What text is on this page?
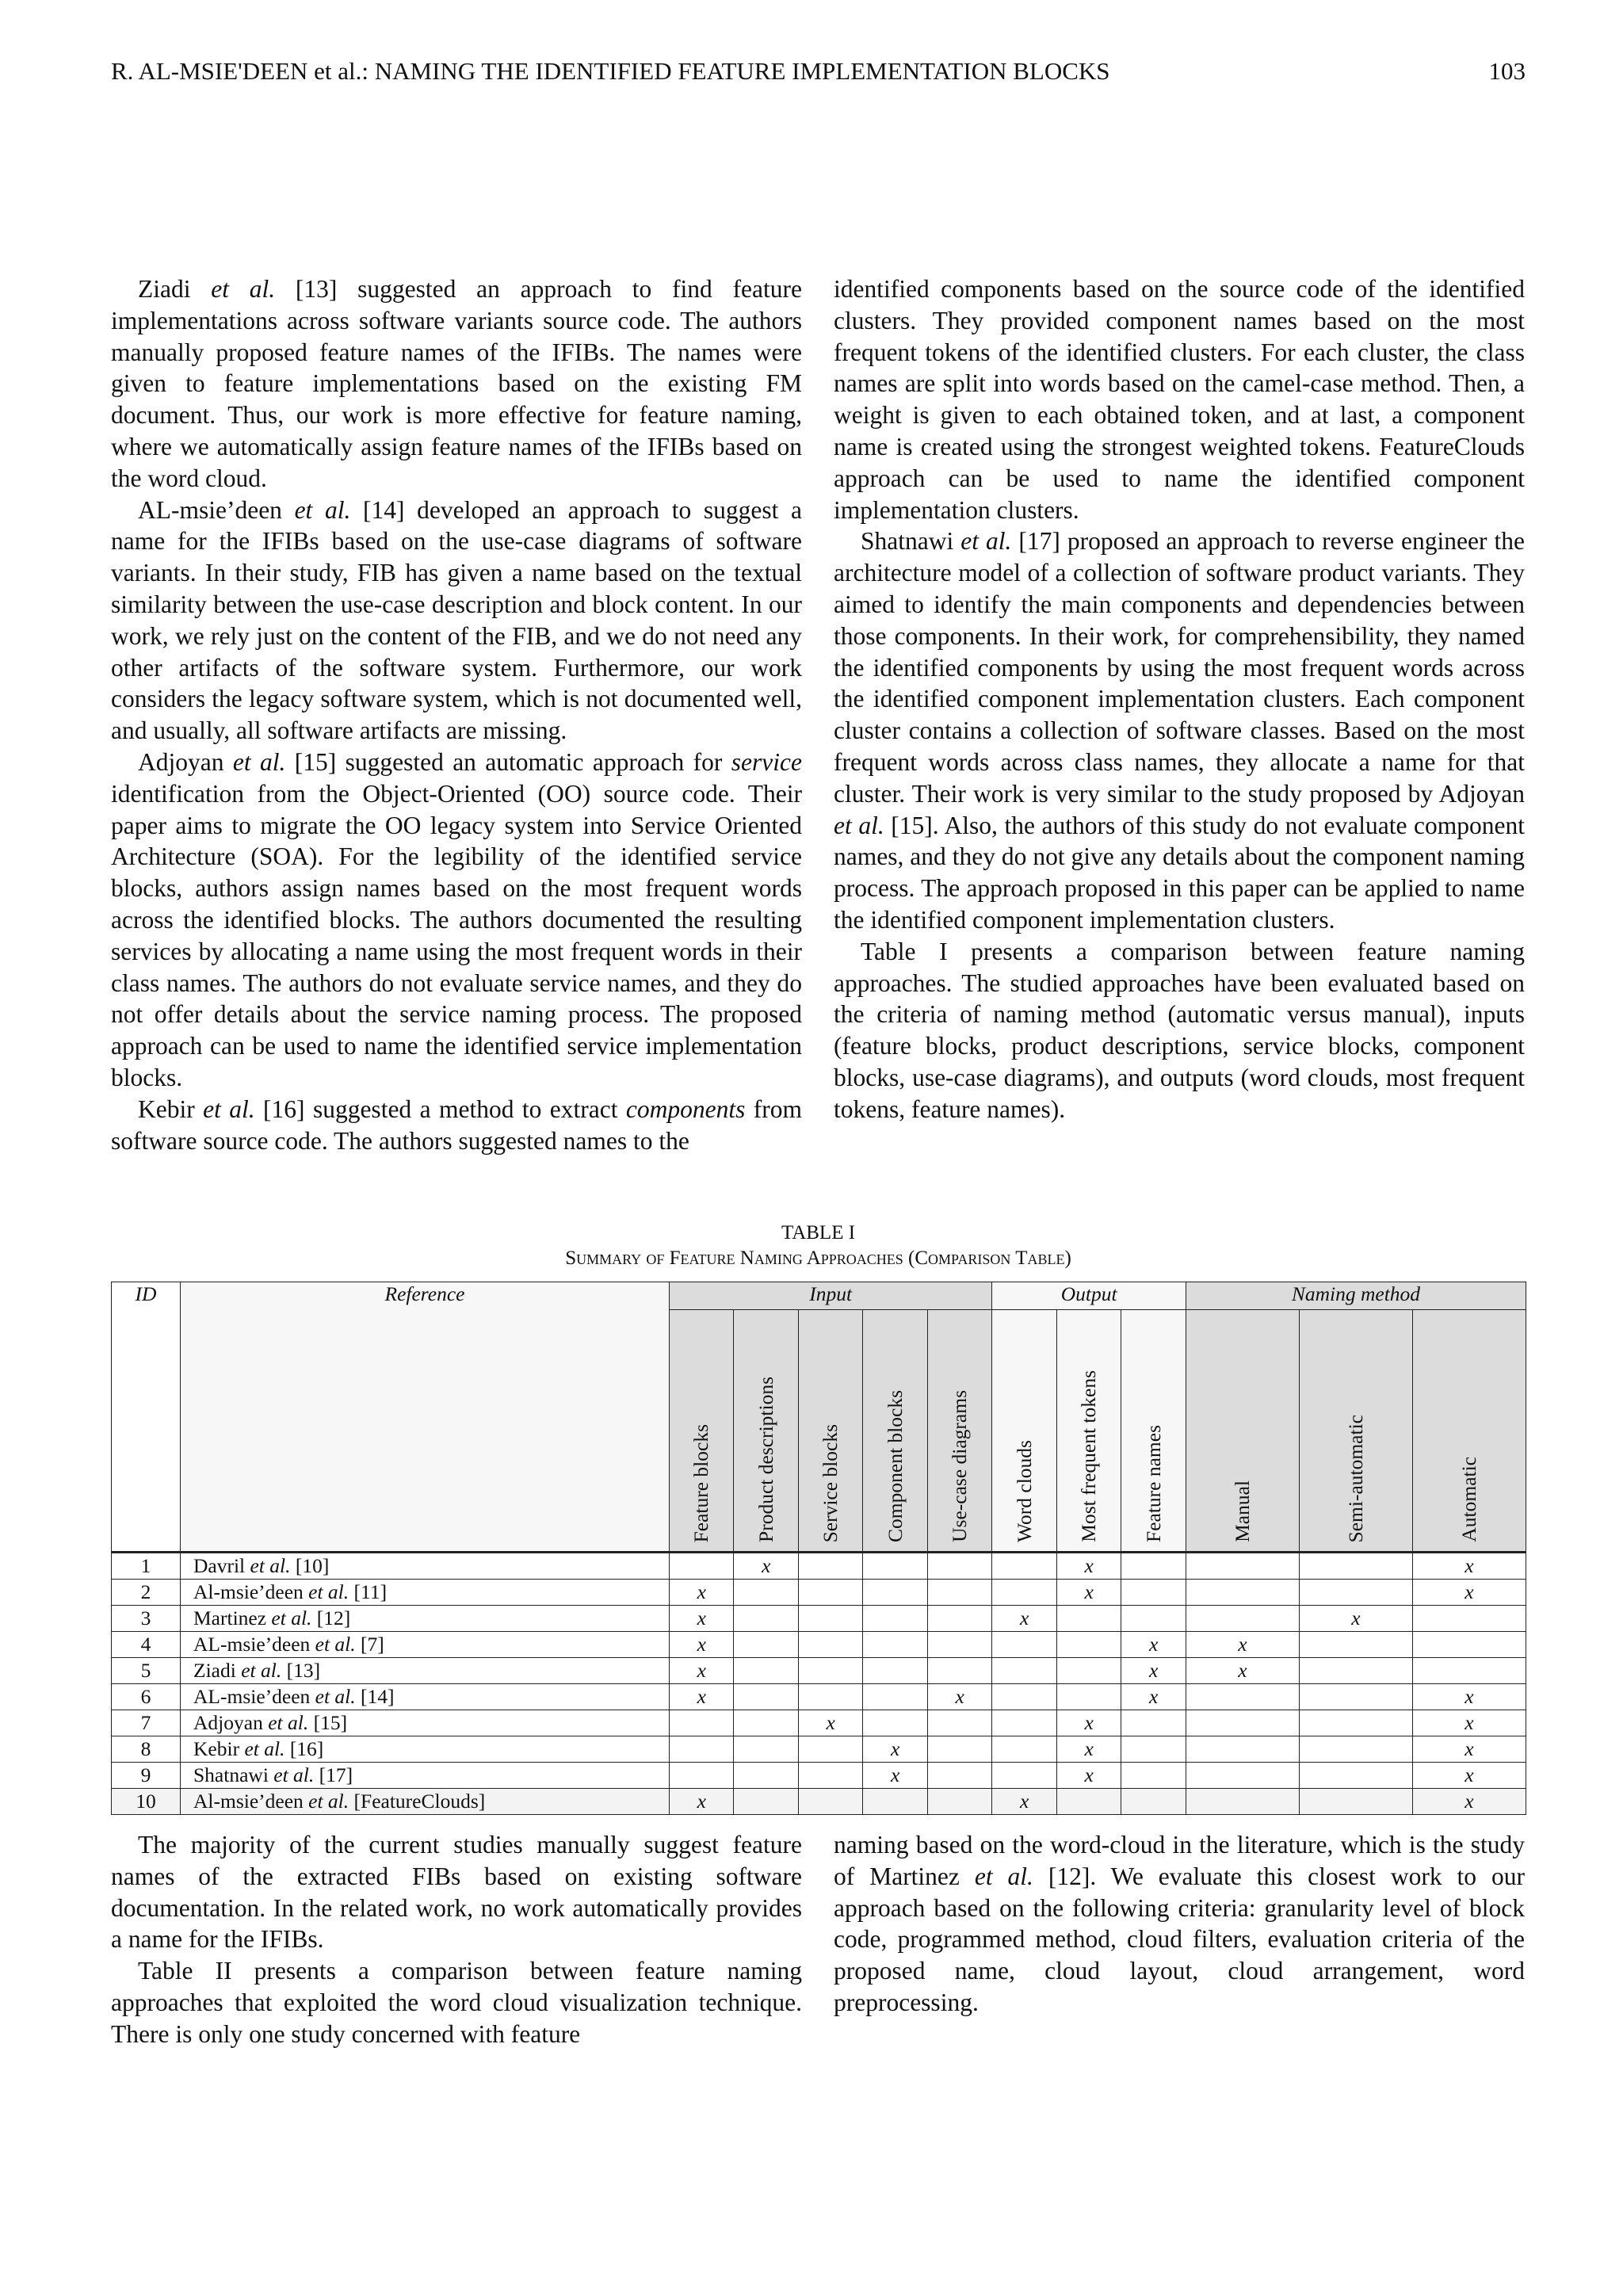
R. AL-MSIE'DEEN et al.: NAMING THE IDENTIFIED FEATURE IMPLEMENTATION BLOCKS	103

Ziadi et al. [13] suggested an approach to find feature implementations across software variants source code. The authors manually proposed feature names of the IFIBs. The names were given to feature implementations based on the existing FM document. Thus, our work is more effective for feature naming, where we automatically assign feature names of the IFIBs based on the word cloud.

AL-msie’deen et al. [14] developed an approach to suggest a name for the IFIBs based on the use-case diagrams of software variants. In their study, FIB has given a name based on the textual similarity between the use-case description and block content. In our work, we rely just on the content of the FIB, and we do not need any other artifacts of the software system. Furthermore, our work considers the legacy software system, which is not documented well, and usually, all software artifacts are missing.

Adjoyan et al. [15] suggested an automatic approach for service identification from the Object-Oriented (OO) source code. Their paper aims to migrate the OO legacy system into Service Oriented Architecture (SOA). For the legibility of the identified service blocks, authors assign names based on the most frequent words across the identified blocks. The authors documented the resulting services by allocating a name using the most frequent words in their class names. The authors do not evaluate service names, and they do not offer details about the service naming process. The proposed approach can be used to name the identified service implementation blocks.

Kebir et al. [16] suggested a method to extract components from software source code. The authors suggested names to the

identified components based on the source code of the identified clusters. They provided component names based on the most frequent tokens of the identified clusters. For each cluster, the class names are split into words based on the camel-case method. Then, a weight is given to each obtained token, and at last, a component name is created using the strongest weighted tokens. FeatureClouds approach can be used to name the identified component implementation clusters.

Shatnawi et al. [17] proposed an approach to reverse engineer the architecture model of a collection of software product variants. They aimed to identify the main components and dependencies between those components. In their work, for comprehensibility, they named the identified components by using the most frequent words across the identified component implementation clusters. Each component cluster contains a collection of software classes. Based on the most frequent words across class names, they allocate a name for that cluster. Their work is very similar to the study proposed by Adjoyan et al. [15]. Also, the authors of this study do not evaluate component names, and they do not give any details about the component naming process. The approach proposed in this paper can be applied to name the identified component implementation clusters.

Table I presents a comparison between feature naming approaches. The studied approaches have been evaluated based on the criteria of naming method (automatic versus manual), inputs (feature blocks, product descriptions, service blocks, component blocks, use-case diagrams), and outputs (word clouds, most frequent tokens, feature names).

TABLE I
Summary of Feature Naming Approaches (Comparison Table)
ID	Reference	Input					Output			Naming method		
		Feature blocks	Product descriptions	Service blocks	Component blocks	Use-case diagrams	Word clouds	Most frequent tokens	Feature names	Manual	Semi-automatic	Automatic
1	Davril et al. [10]		x					x				x
2	Al-msie’deen et al. [11]	x						x				x
3	Martinez et al. [12]	x					x				x	
4	AL-msie’deen et al. [7]	x							x	x		
5	Ziadi et al. [13]	x							x	x		
6	AL-msie’deen et al. [14]	x				x			x			x
7	Adjoyan et al. [15]			x				x				x
8	Kebir et al. [16]				x			x				x
9	Shatnawi et al. [17]				x			x				x
10	Al-msie’deen et al. [FeatureClouds]	x					x					x

The majority of the current studies manually suggest feature names of the extracted FIBs based on existing software documentation. In the related work, no work automatically provides a name for the IFIBs.

Table II presents a comparison between feature naming approaches that exploited the word cloud visualization technique. There is only one study concerned with feature

naming based on the word-cloud in the literature, which is the study of Martinez et al. [12]. We evaluate this closest work to our approach based on the following criteria: granularity level of block code, programmed method, cloud filters, evaluation criteria of the proposed name, cloud layout, cloud arrangement, word preprocessing.
